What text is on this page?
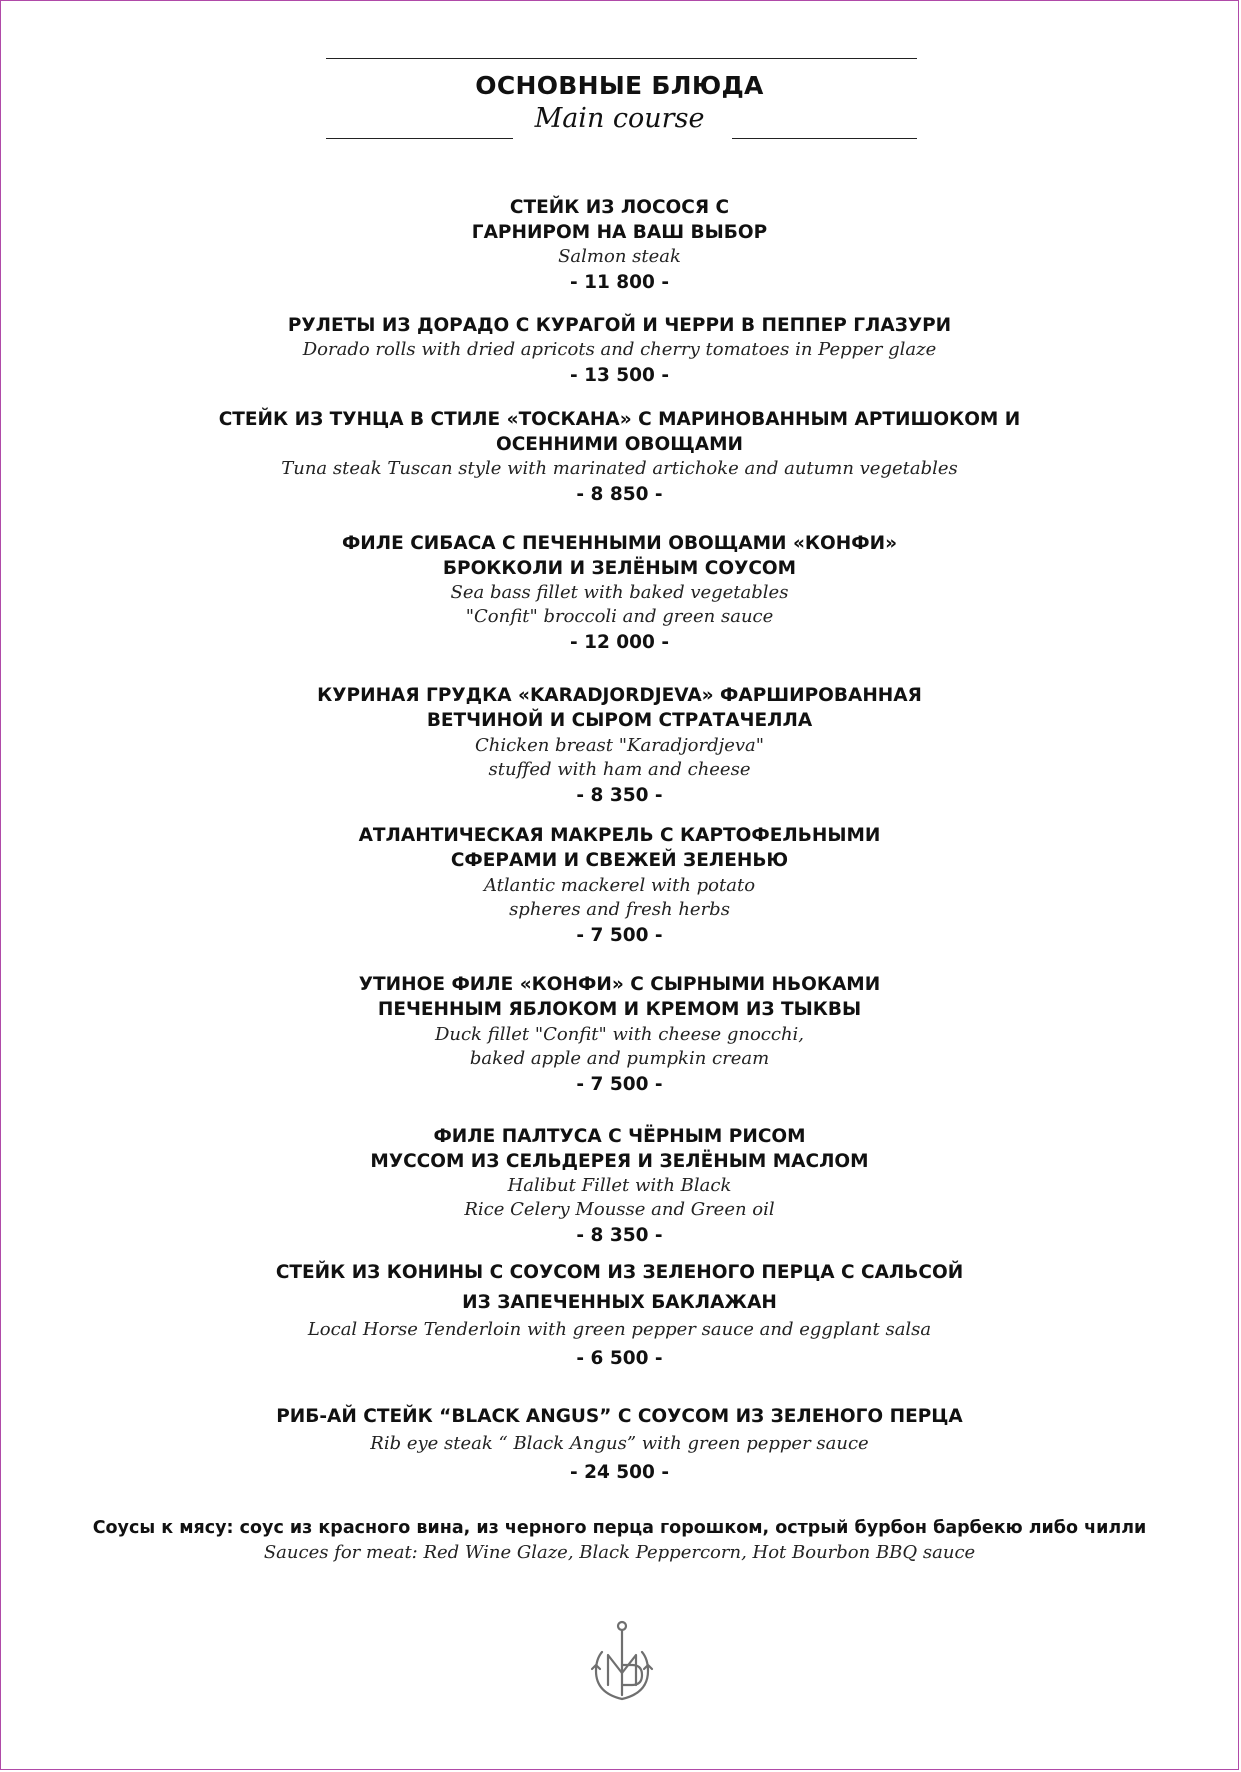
ОСНОВНЫЕ БЛЮДА
Main course
СТЕЙК ИЗ ЛОСОСЯ С
ГАРНИРОМ НА ВАШ ВЫБОР
Salmon steak
- 11 800 -
РУЛЕТЫ ИЗ ДОРАДО С КУРАГОЙ И ЧЕРРИ В ПЕППЕР ГЛАЗУРИ
Dorado rolls with dried apricots and cherry tomatoes in Pepper glaze
- 13 500 -
СТЕЙК ИЗ ТУНЦА В СТИЛЕ «ТОСКАНА» С МАРИНОВАННЫМ АРТИШОКОМ И
ОСЕННИМИ ОВОЩАМИ
Tuna steak Tuscan style with marinated artichoke and autumn vegetables
- 8 850 -
ФИЛЕ СИБАСА С ПЕЧЕННЫМИ ОВОЩАМИ «КОНФИ»
БРОККОЛИ И ЗЕЛЁНЫМ СОУСОМ
Sea bass fillet with baked vegetables
"Confit" broccoli and green sauce
- 12 000 -
КУРИНАЯ ГРУДКА «KARADJORDJEVA» ФАРШИРОВАННАЯ
ВЕТЧИНОЙ И СЫРОМ СТРАТАЧЕЛЛА
Chicken breast "Karadjordjeva"
stuffed with ham and cheese
- 8 350 -
АТЛАНТИЧЕСКАЯ МАКРЕЛЬ С КАРТОФЕЛЬНЫМИ
СФЕРАМИ И СВЕЖЕЙ ЗЕЛЕНЬЮ
Atlantic mackerel with potato
spheres and fresh herbs
- 7 500 -
УТИНОЕ ФИЛЕ «КОНФИ» С СЫРНЫМИ НЬОКАМИ
ПЕЧЕННЫМ ЯБЛОКОМ И КРЕМОМ ИЗ ТЫКВЫ
Duck fillet "Confit" with cheese gnocchi,
baked apple and pumpkin cream
- 7 500 -
ФИЛЕ ПАЛТУСА С ЧЁРНЫМ РИСОМ
МУССОМ ИЗ СЕЛЬДЕРЕЯ И ЗЕЛЁНЫМ МАСЛОМ
Halibut Fillet with Black
Rice Celery Mousse and Green oil
- 8 350 -
СТЕЙК ИЗ КОНИНЫ С СОУСОМ ИЗ ЗЕЛЕНОГО ПЕРЦА С САЛЬСОЙ
ИЗ ЗАПЕЧЕННЫХ БАКЛАЖАН
Local Horse Tenderloin with green pepper sauce and eggplant salsa
- 6 500 -
РИБ-АЙ СТЕЙК “BLACK ANGUS” С СОУСОМ ИЗ ЗЕЛЕНОГО ПЕРЦА
Rib eye steak “ Black Angus” with green pepper sauce
- 24 500 -
Соусы к мясу: соус из красного вина, из черного перца горошком, острый бурбон барбекю либо чилли
Sauces for meat: Red Wine Glaze, Black Peppercorn, Hot Bourbon BBQ sauce
